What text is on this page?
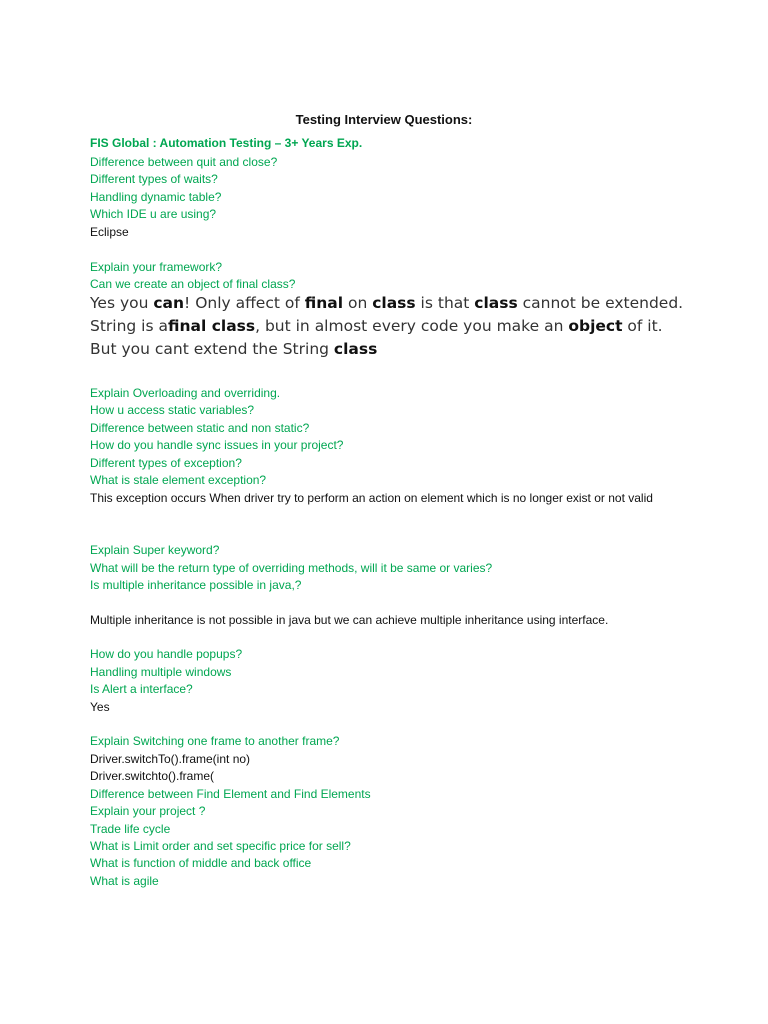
Testing Interview Questions:
FIS Global : Automation Testing – 3+ Years Exp.
Difference between quit and close?
Different types of waits?
Handling dynamic table?
Which IDE u are using?
Eclipse
Explain your framework?
Can we create an object of final class?
Yes you can! Only affect of final on class is that class cannot be extended. String is afinal class, but in almost every code you make an object of it. But you cant extend the String class
Explain Overloading and overriding.
How u access static variables?
Difference between static and non static?
How do you handle sync issues in your project?
Different types of exception?
What is stale element exception?
This exception occurs When driver try to perform an action on element which is no longer exist or not valid
Explain Super keyword?
What will be the return type of overriding methods, will it be same or varies?
Is multiple inheritance possible in java,?
Multiple inheritance is not possible in java but we can achieve multiple inheritance using interface.
How do you handle popups?
Handling multiple windows
Is Alert a interface?
Yes
Explain Switching one frame to another frame?
Driver.switchTo().frame(int no)
Driver.switchto().frame(
Difference between Find Element and Find Elements
Explain your project ?
Trade life cycle
What is Limit order and set specific price for sell?
What is function of middle and back office
What is agile
